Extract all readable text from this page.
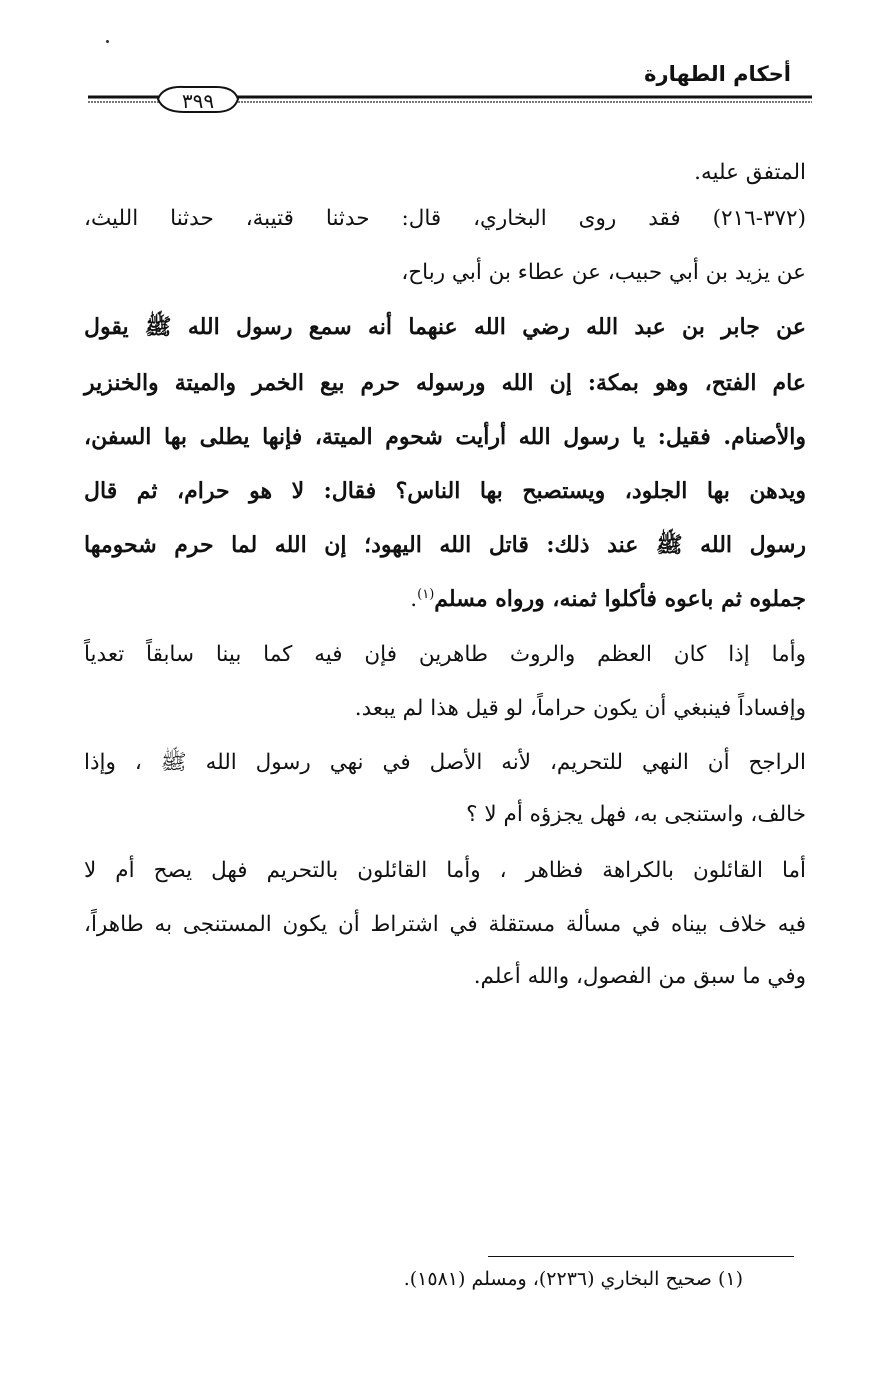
أحكام الطهارة
٣٩٩
المتفق عليه.
(٣٧٢-٢١٦) فقد روى البخاري، قال: حدثنا قتيبة، حدثنا الليث،
عن يزيد بن أبي حبيب، عن عطاء بن أبي رباح،
عن جابر بن عبد الله رضي الله عنهما أنه سمع رسول الله ﷺ يقول
عام الفتح، وهو بمكة: إن الله ورسوله حرم بيع الخمر والميتة والخنزير
والأصنام. فقيل: يا رسول الله أرأيت شحوم الميتة، فإنها يطلى بها السفن،
ويدهن بها الجلود، ويستصبح بها الناس؟ فقال: لا هو حرام، ثم قال
رسول الله ﷺ عند ذلك: قاتل الله اليهود؛ إن الله لما حرم شحومها
جملوه ثم باعوه فأكلوا ثمنه، ورواه مسلم$^{(١)}$.
وأما إذا كان العظم والروث طاهرين فإن فيه كما بينا سابقاً تعدياً
وإفساداً فينبغي أن يكون حراماً، لو قيل هذا لم يبعد.
الراجح أن النهي للتحريم، لأنه الأصل في نهي رسول الله ﷺ ، وإذا
خالف، واستنجى به، فهل يجزؤه أم لا ؟
أما القائلون بالكراهة فظاهر ، وأما القائلون بالتحريم فهل يصح أم لا
فيه خلاف بيناه في مسألة مستقلة في اشتراط أن يكون المستنجى به طاهراً،
وفي ما سبق من الفصول، والله أعلم.
(١) صحيح البخاري (٢٢٣٦)، ومسلم (١٥٨١).
